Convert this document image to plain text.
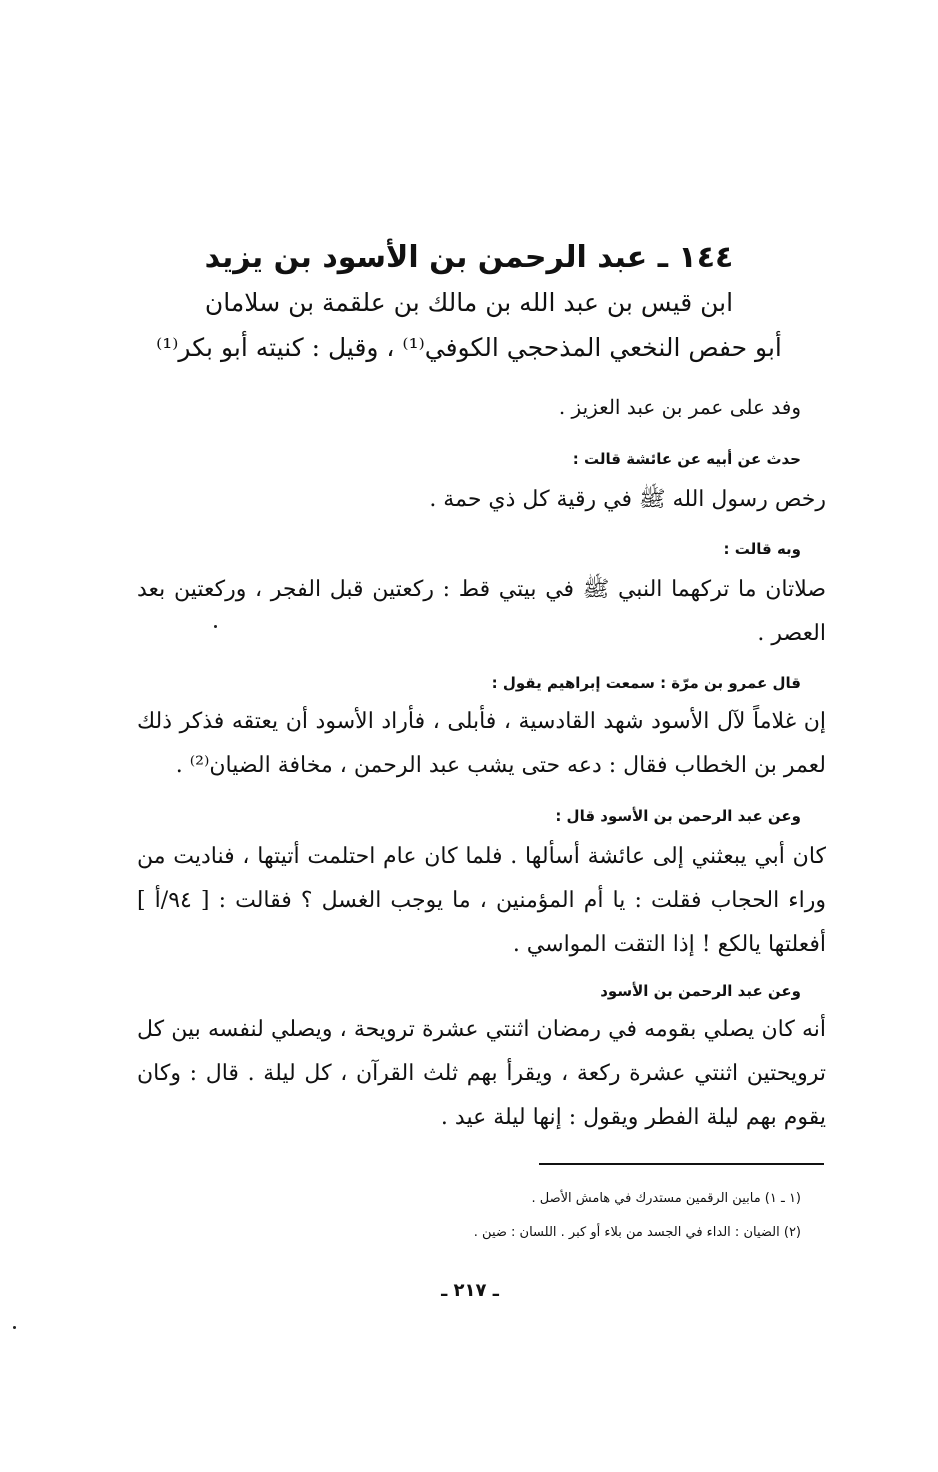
١٤٤ ـ عبد الرحمن بن الأسود بن يزيد
ابن قيس بن عبد الله بن مالك بن علقمة بن سلامان
أبو حفص النخعي المذحجي الكوفي⁽¹⁾ ، وقيل : كنيته أبو بكر⁽¹⁾
وفد على عمر بن عبد العزيز .
حدث عن أبيه عن عائشة قالت :
رخص رسول الله ﷺ في رقية كل ذي حمة .
وبه قالت :
صلاتان ما تركهما النبي ﷺ في بيتي قط : ركعتين قبل الفجر ، وركعتين بعد العصر .
قال عمرو بن مرّة : سمعت إبراهيم يقول :
إن غلاماً لآل الأسود شهد القادسية ، فأبلى ، فأراد الأسود أن يعتقه فذكر ذلك لعمر بن الخطاب فقال : دعه حتى يشب عبد الرحمن ، مخافة الضيان⁽²⁾ .
وعن عبد الرحمن بن الأسود قال :
كان أبي يبعثني إلى عائشة أسألها . فلما كان عام احتلمت أتيتها ، فناديت من وراء الحجاب فقلت : يا أم المؤمنين ، ما يوجب الغسل ؟ فقالت : [ ٩٤/أ ] أفعلتها يالكع ! إذا التقت المواسي .
وعن عبد الرحمن بن الأسود
أنه كان يصلي بقومه في رمضان اثنتي عشرة ترويحة ، ويصلي لنفسه بين كل ترويحتين اثنتي عشرة ركعة ، ويقرأ بهم ثلث القرآن ، كل ليلة . قال : وكان يقوم بهم ليلة الفطر ويقول : إنها ليلة عيد .
(١ ـ ١) مابين الرقمين مستدرك في هامش الأصل .
(٢) الضيان : الداء في الجسد من بلاء أو كبر . اللسان : ضين .
ـ ٢١٧ ـ
